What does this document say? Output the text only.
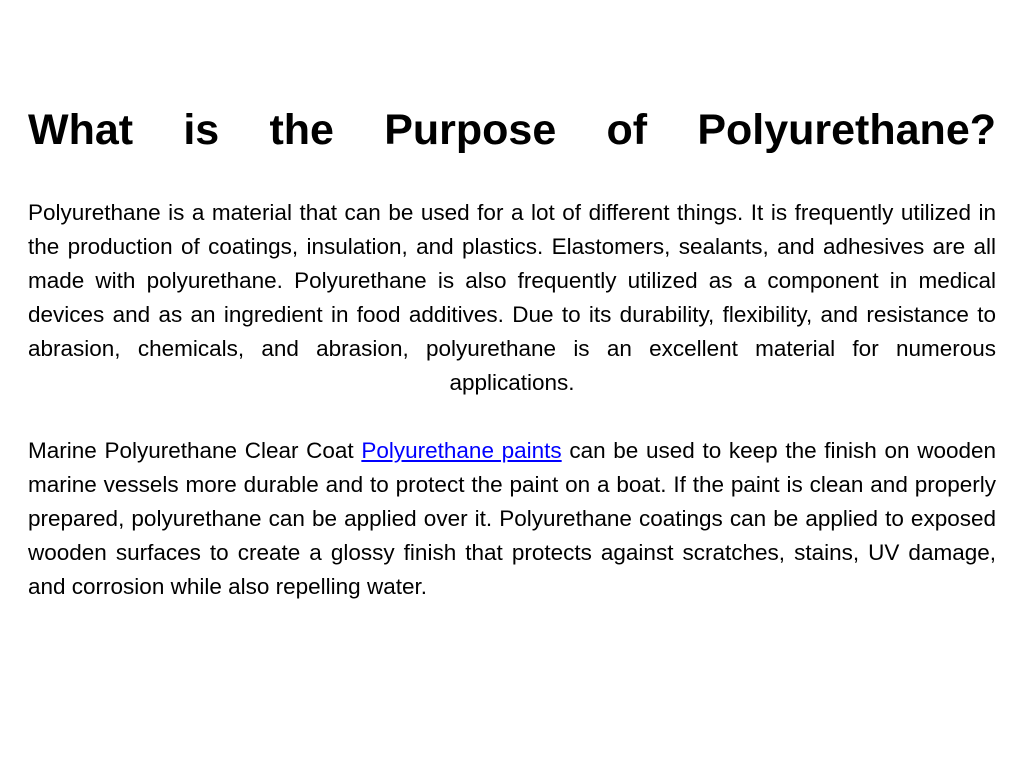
What is the Purpose of Polyurethane?

Polyurethane is a material that can be used for a lot of different things. It is frequently utilized in the production of coatings, insulation, and plastics. Elastomers, sealants, and adhesives are all made with polyurethane. Polyurethane is also frequently utilized as a component in medical devices and as an ingredient in food additives. Due to its durability, flexibility, and resistance to abrasion, chemicals, and abrasion, polyurethane is an excellent material for numerous applications.

Marine Polyurethane Clear Coat Polyurethane paints can be used to keep the finish on wooden marine vessels more durable and to protect the paint on a boat. If the paint is clean and properly prepared, polyurethane can be applied over it. Polyurethane coatings can be applied to exposed wooden surfaces to create a glossy finish that protects against scratches, stains, UV damage, and corrosion while also repelling water.
